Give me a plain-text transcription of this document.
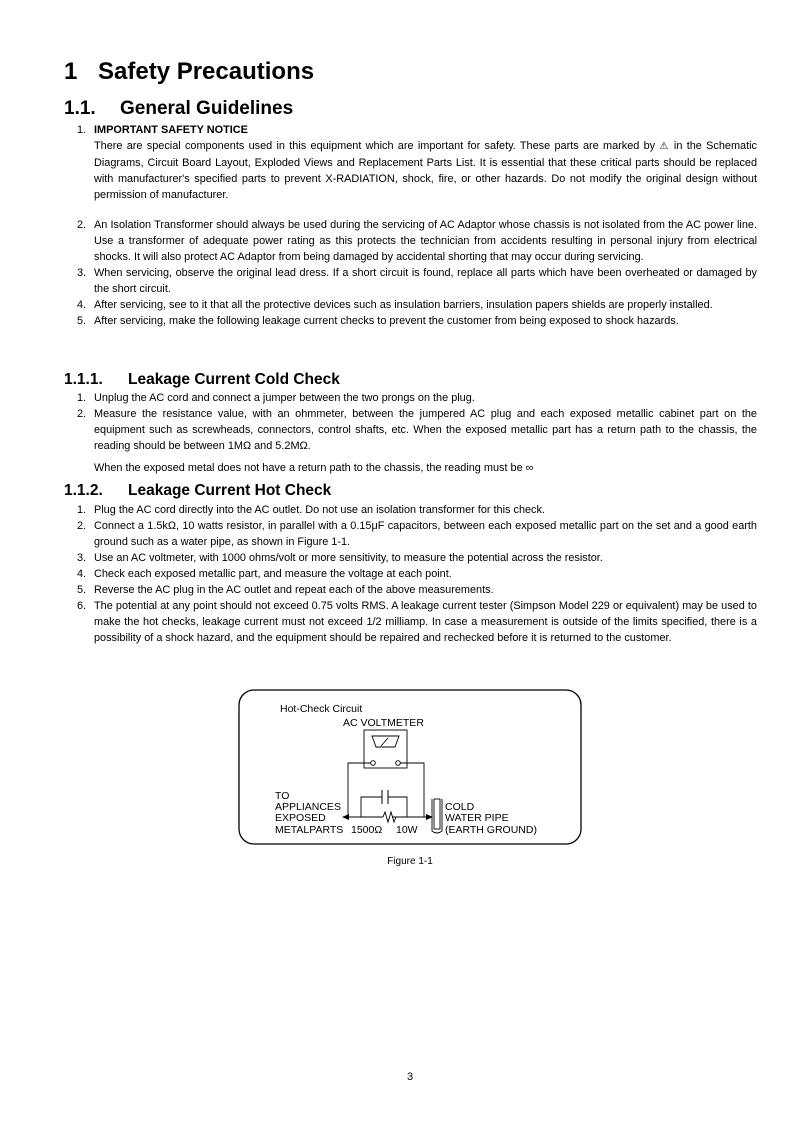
1 Safety Precautions
1.1. General Guidelines
1. IMPORTANT SAFETY NOTICE
There are special components used in this equipment which are important for safety. These parts are marked by ⚠ in the Schematic Diagrams, Circuit Board Layout, Exploded Views and Replacement Parts List. It is essential that these critical parts should be replaced with manufacturer's specified parts to prevent X-RADIATION, shock, fire, or other hazards. Do not modify the original design without permission of manufacturer.
2. An Isolation Transformer should always be used during the servicing of AC Adaptor whose chassis is not isolated from the AC power line. Use a transformer of adequate power rating as this protects the technician from accidents resulting in personal injury from electrical shocks. It will also protect AC Adaptor from being damaged by accidental shorting that may occur during servicing.
3. When servicing, observe the original lead dress. If a short circuit is found, replace all parts which have been overheated or damaged by the short circuit.
4. After servicing, see to it that all the protective devices such as insulation barriers, insulation papers shields are properly installed.
5. After servicing, make the following leakage current checks to prevent the customer from being exposed to shock hazards.
1.1.1. Leakage Current Cold Check
1. Unplug the AC cord and connect a jumper between the two prongs on the plug.
2. Measure the resistance value, with an ohmmeter, between the jumpered AC plug and each exposed metallic cabinet part on the equipment such as screwheads, connectors, control shafts, etc. When the exposed metallic part has a return path to the chassis, the reading should be between 1MΩ and 5.2MΩ.
When the exposed metal does not have a return path to the chassis, the reading must be ∞
1.1.2. Leakage Current Hot Check
1. Plug the AC cord directly into the AC outlet. Do not use an isolation transformer for this check.
2. Connect a 1.5kΩ, 10 watts resistor, in parallel with a 0.15μF capacitors, between each exposed metallic part on the set and a good earth ground such as a water pipe, as shown in Figure 1-1.
3. Use an AC voltmeter, with 1000 ohms/volt or more sensitivity, to measure the potential across the resistor.
4. Check each exposed metallic part, and measure the voltage at each point.
5. Reverse the AC plug in the AC outlet and repeat each of the above measurements.
6. The potential at any point should not exceed 0.75 volts RMS. A leakage current tester (Simpson Model 229 or equivalent) may be used to make the hot checks, leakage current must not exceed 1/2 milliamp. In case a measurement is outside of the limits specified, there is a possibility of a shock hazard, and the equipment should be repaired and rechecked before it is returned to the customer.
Hot-Check Circuit
AC VOLTMETER
TO
APPLIANCES
EXPOSED
METALPARTS 1500Ω 10W
COLD
WATER PIPE
(EARTH GROUND)
Figure 1-1
3
